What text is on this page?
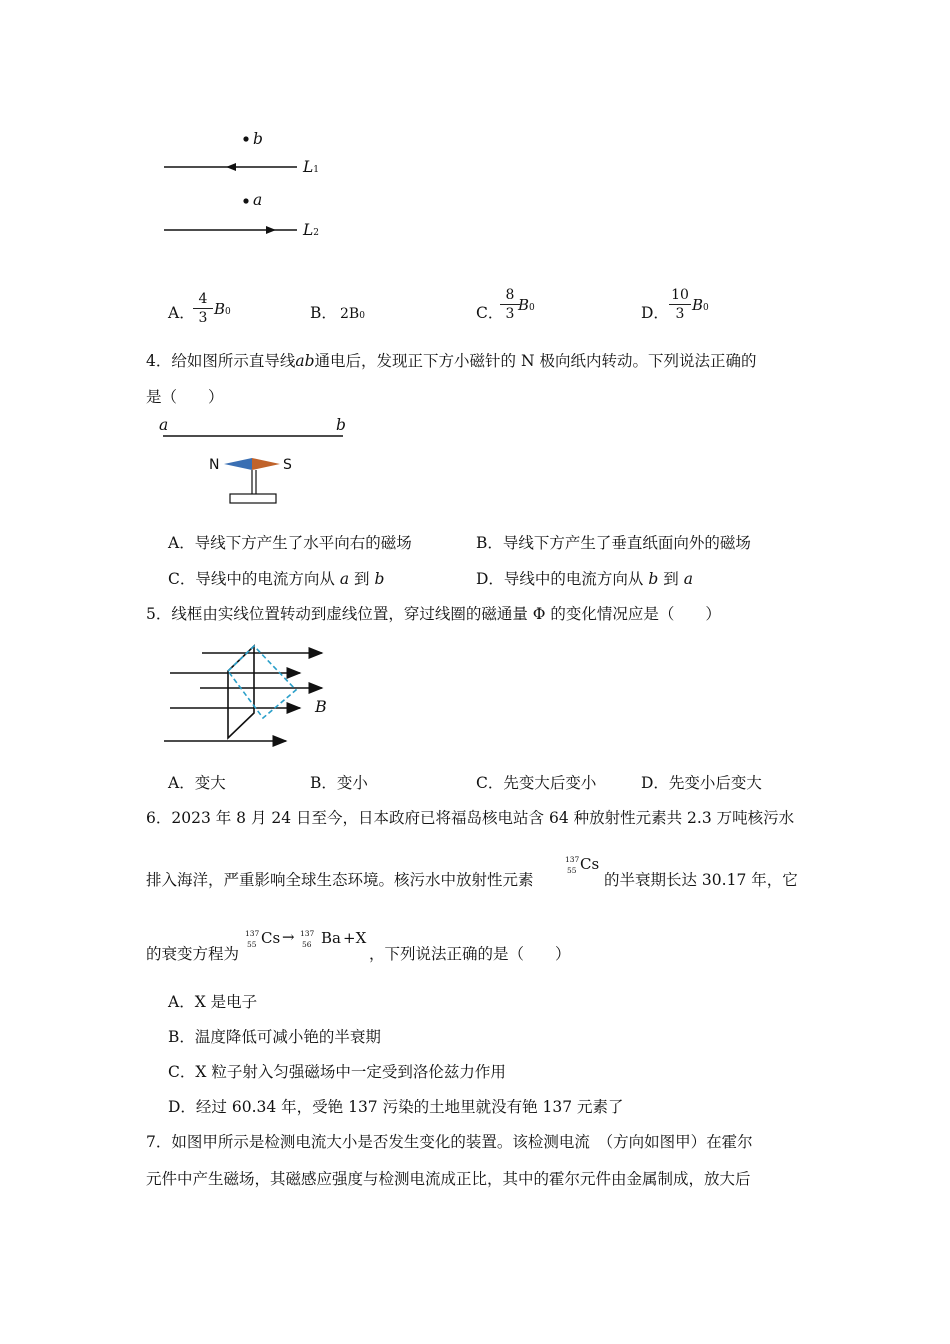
b
a
L1
L2
A．
4
3 B0	B． 2B0	C．
8
3 B0	D．
10
3 B0
4．给如图所示直导线ab通电后，发现正下方小磁针的 N 极向纸内转动。下列说法正确的
是（　　）
a	b
N	S
A．导线下方产生了水平向右的磁场	B．导线下方产生了垂直纸面向外的磁场
C．导线中的电流方向从 a 到 b	D．导线中的电流方向从 b 到 a
5．线框由实线位置转动到虚线位置，穿过线圈的磁通量 Φ 的变化情况应是（　　）
B
A．变大	B．变小	C．先变大后变小	D．先变小后变大
6．2023 年 8 月 24 日至今，日本政府已将福岛核电站含 64 种放射性元素共 2.3 万吨核污水
排入海洋，严重影响全球生态环境。核污水中放射性元素
137
55 Cs
的半衰期长达 30.17 年，它
的衰变方程为
137
55 Cs → 137
56 Ba +X
，下列说法正确的是（　　）
A．X 是电子
B．温度降低可减小铯的半衰期
C．X 粒子射入匀强磁场中一定受到洛伦兹力作用
D．经过 60.34 年，受铯 137 污染的土地里就没有铯 137 元素了
7．如图甲所示是检测电流大小是否发生变化的装置。该检测电流　（方向如图甲）在霍尔
元件中产生磁场，其磁感应强度与检测电流成正比，其中的霍尔元件由金属制成，放大后
